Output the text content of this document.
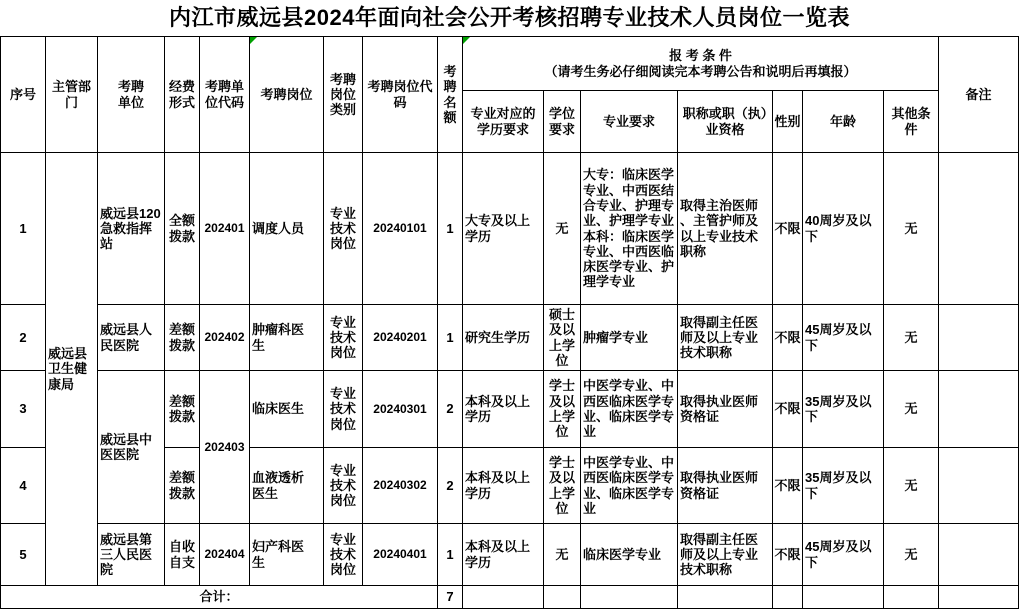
内江市威远县2024年面向社会公开考核招聘专业技术人员岗位一览表
序号	主管部门	考聘单位	经费形式	考聘单位代码	考聘岗位	考聘岗位类别	考聘岗位代码	考聘名额	报 考 条 件
（请考生务必仔细阅读完本考聘公告和说明后再填报）							备注
									专业对应的学历要求	学位要求	专业要求	职称或职（执）业资格	性别	年龄	其他条件	
1	威远县卫生健康局	威远县120急救指挥站	全额拨款	202401	调度人员	专业技术岗位	20240101	1	大专及以上学历	无	大专：临床医学专业、中西医结合专业、护理专业、护理学专业本科：临床医学专业、中西医临床医学专业、护理学专业	取得主治医师、主管护师及以上专业技术职称	不限	40周岁及以下	无	
2		威远县人民医院	差额拨款	202402	肿瘤科医生	专业技术岗位	20240201	1	研究生学历	硕士及以上学位	肿瘤学专业	取得副主任医师及以上专业技术职称	不限	45周岁及以下	无	
3		威远县中医医院	差额拨款	202403	临床医生	专业技术岗位	20240301	2	本科及以上学历	学士及以上学位	中医学专业、中西医临床医学专业、临床医学专业	取得执业医师资格证	不限	35周岁及以下	无	
4			差额拨款		血液透析医生	专业技术岗位	20240302	2	本科及以上学历	学士及以上学位	中医学专业、中西医临床医学专业、临床医学专业	取得执业医师资格证	不限	35周岁及以下	无	
5		威远县第三人民医院	自收自支	202404	妇产科医生	专业技术岗位	20240401	1	本科及以上学历	无	临床医学专业	取得副主任医师及以上专业技术职称	不限	45周岁及以下	无	
合计：								7								
